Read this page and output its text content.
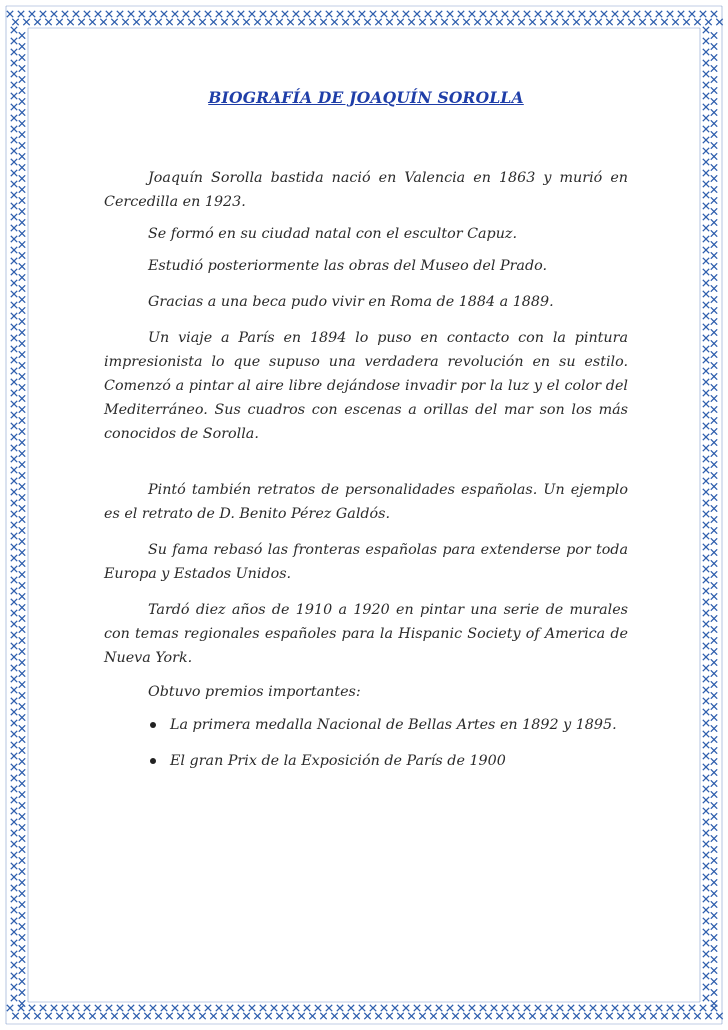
BIOGRAFÍA DE JOAQUÍN SOROLLA

Joaquín Sorolla bastida nació en Valencia en 1863 y murió en Cercedilla en 1923.

Se formó en su ciudad natal con el escultor Capuz.

Estudió posteriormente las obras del Museo del Prado.

Gracias a una beca pudo vivir en Roma de 1884 a 1889.

Un viaje a París en 1894 lo puso en contacto con la pintura impresionista lo que supuso una verdadera revolución en su estilo. Comenzó a pintar al aire libre dejándose invadir por la luz y el color del Mediterráneo. Sus cuadros con escenas a orillas del mar son los más conocidos de Sorolla.

Pintó también retratos de personalidades españolas. Un ejemplo es el retrato de D. Benito Pérez Galdós.

Su fama rebasó las fronteras españolas para extenderse por toda Europa y Estados Unidos.

Tardó diez años de 1910 a 1920 en pintar una serie de murales con temas regionales españoles para la Hispanic Society of America de Nueva York.

Obtuvo premios importantes:

La primera medalla Nacional de Bellas Artes en 1892 y 1895.
El gran Prix de la Exposición de París de 1900
